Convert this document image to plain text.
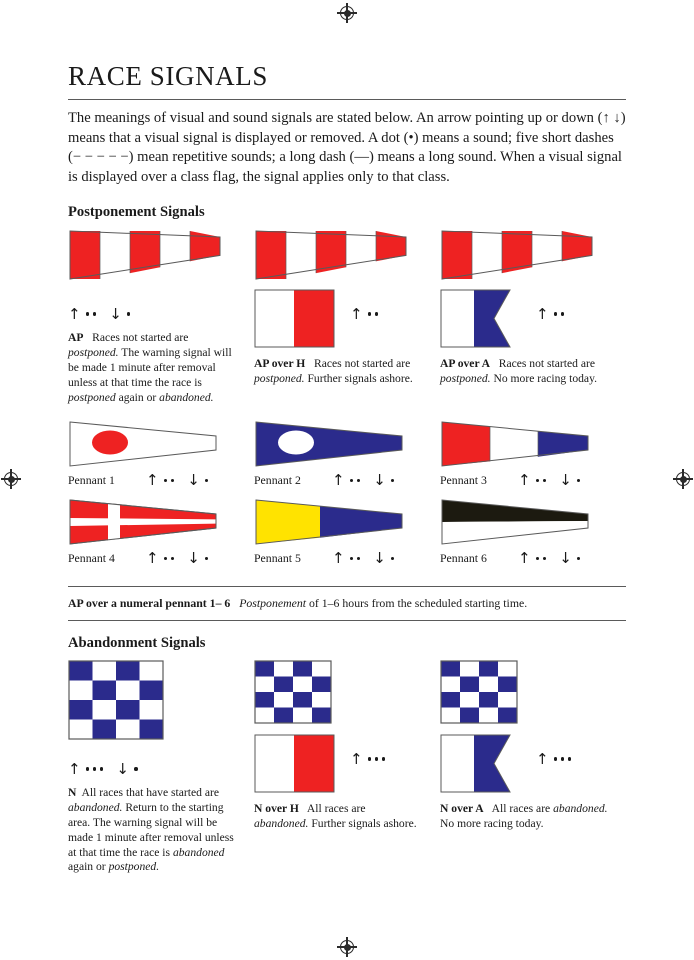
RACE SIGNALS

The meanings of visual and sound signals are stated below. An arrow pointing up or down (↑ ↓) means that a visual signal is displayed or removed. A dot (•) means a sound; five short dashes (− − − − −) mean repetitive sounds; a long dash (—) means a long sound. When a visual signal is displayed over a class flag, the signal applies only to that class.

Postponement Signals
↑ ↓
AP   Races not started are postponed. The warning signal will be made 1 minute after removal unless at that time the race is postponed again or abandoned.
↑
AP over H   Races not started are postponed. Further signals ashore.
↑
AP over A   Races not started are postponed. No more racing today.
Pennant 1	↑ ↓	Pennant 2	↑ ↓	Pennant 3	↑ ↓
Pennant 4	↑ ↓	Pennant 5	↑ ↓	Pennant 6	↑ ↓
AP over a numeral pennant 1– 6 Postponement of 1–6 hours from the scheduled starting time.
Abandonment Signals
↑ ↓
N  All races that have started are abandoned. Return to the starting area. The warning signal will be made 1 minute after removal unless at that time the race is abandoned again or postponed.
↑
N over H   All races are abandoned. Further signals ashore.
↑
N over A   All races are abandoned. No more racing today.
